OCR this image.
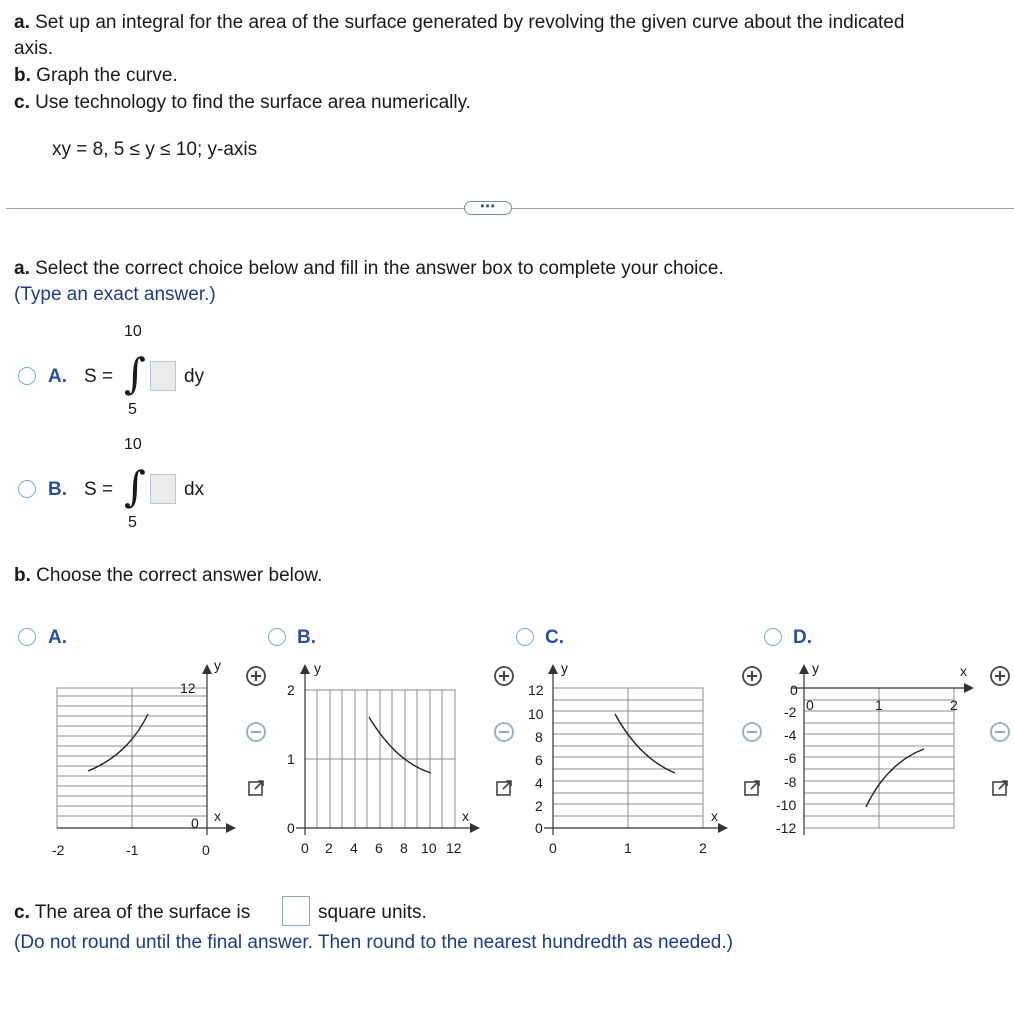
a. Set up an integral for the area of the surface generated by revolving the given curve about the indicated
axis.
b. Graph the curve.
c. Use technology to find the surface area numerically.
xy = 8, 5 ≤ y ≤ 10; y-axis
•••
a. Select the correct choice below and fill in the answer box to complete your choice.
(Type an exact answer.)
A. S =
10
∫
5
dy
B. S =
10
∫
5
dx
b. Choose the correct answer below.
A.	B.	C.	D.
y
x
12
0
-2	-1	0
y
x
2
1
0
0 2 4 6 8 10 12
y
x
12
10
8
6
4
2
0
0	1	2
y	x
0
-2
-4
-6
-8
-10
-12
0	1	2
c. The area of the surface is	square units.
(Do not round until the final answer. Then round to the nearest hundredth as needed.)
